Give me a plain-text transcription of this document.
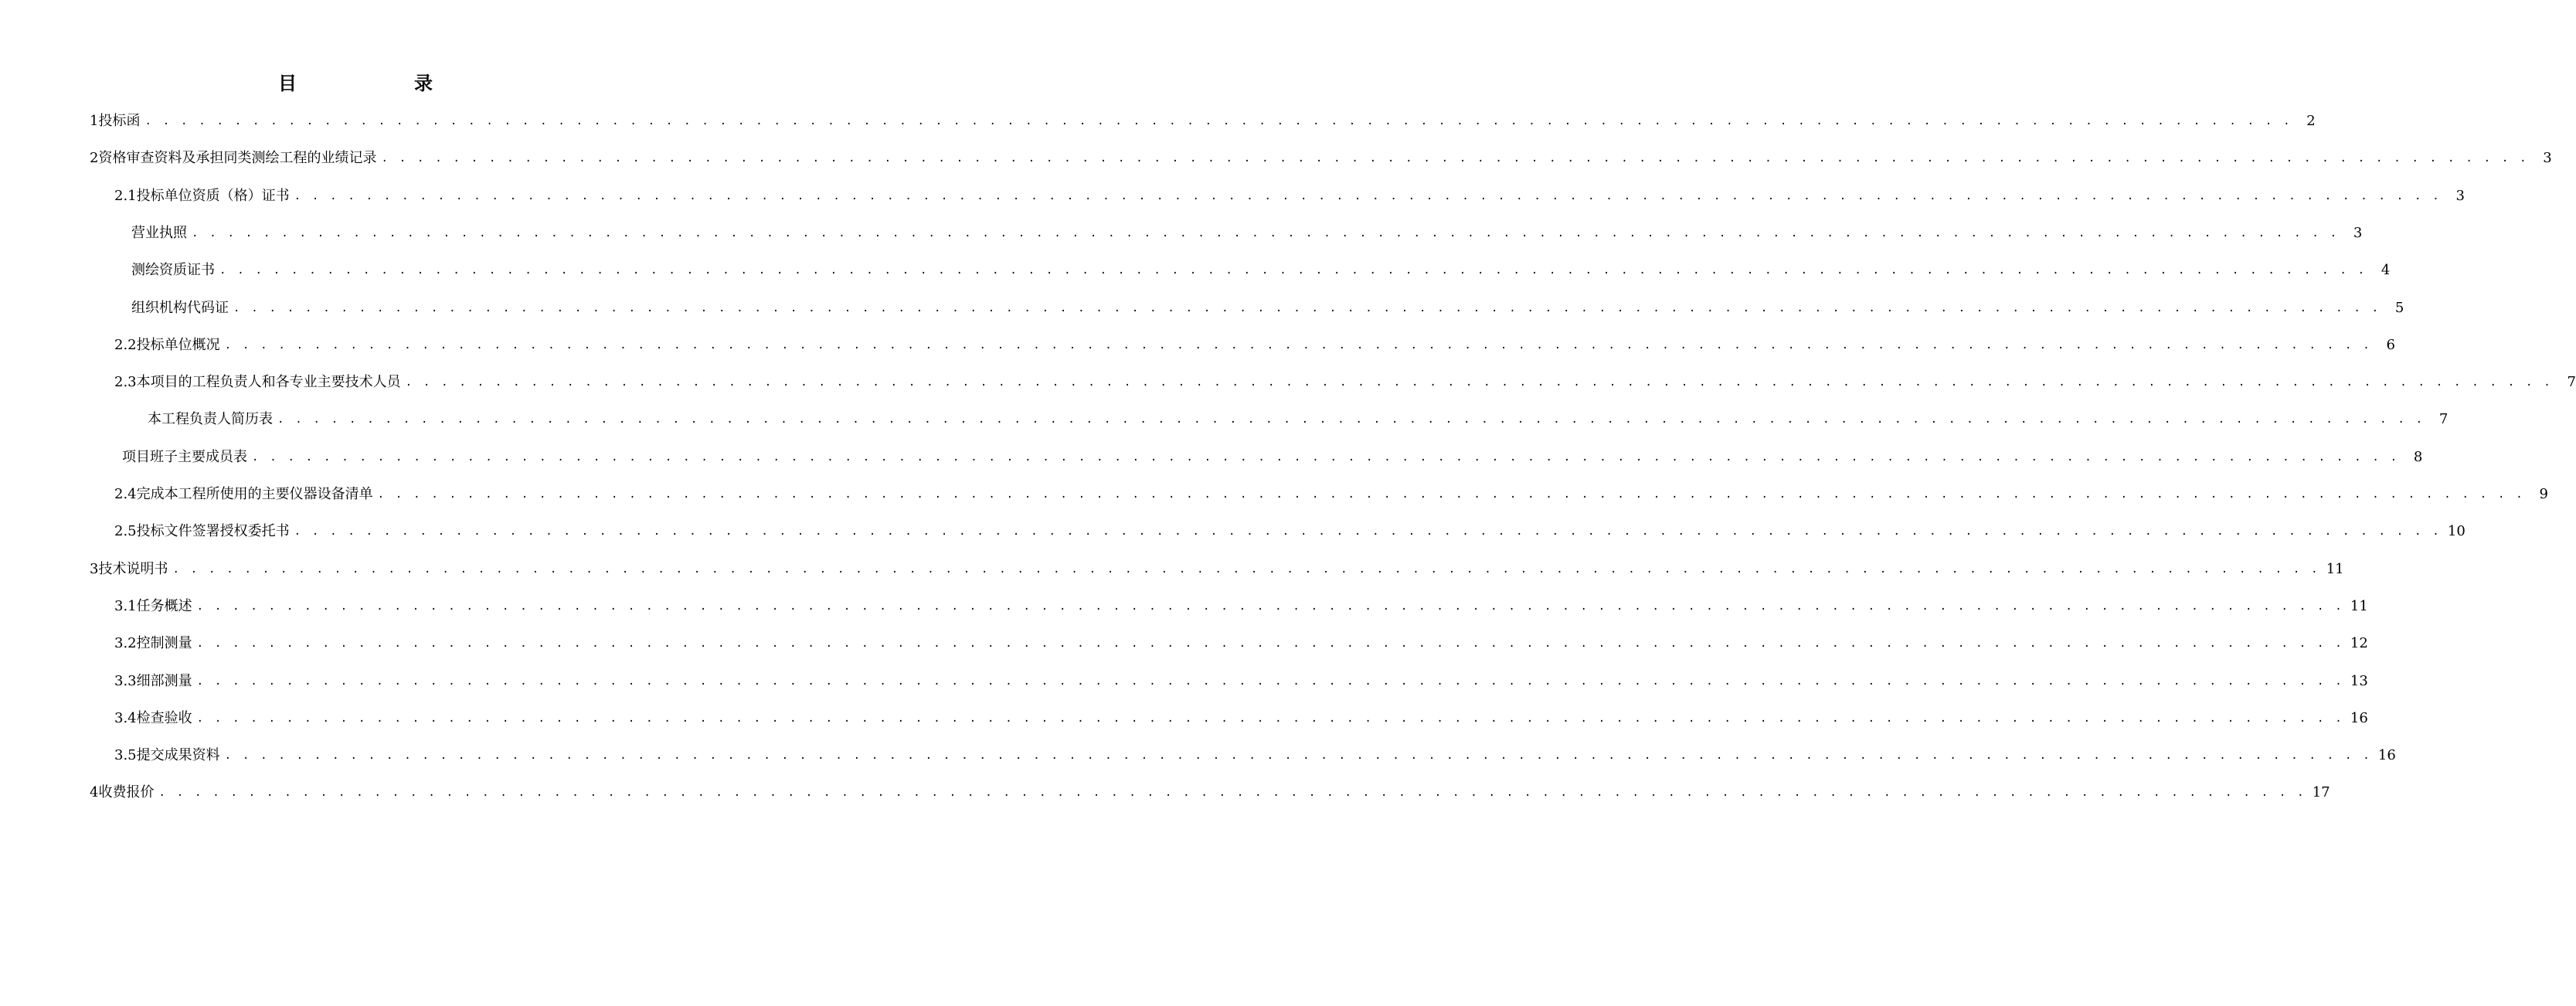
目　录
1 投标函 . . . . . . . . . . . . . . . . . . . . . . . . . . . . . . . . . . . . . . . . . . . . . . . . . . . . . . . . . . . . . . . . . . . . . . . . . . . . . . . . . . . . . . . . . . . . . . . . . . . . . . . . . . . . . . . . . . . . . . . .	2
2 资格审查资料及承担同类测绘工程的业绩记录 . . . . . . . . . . . . . . . . . . . . . . . . . . . . . . . . . . . . . . . . . . . . . . . . . . . . . . . . . . . . . . . . . . . . . . . . . . . . . . . . . . . . . . . . . . . . . . . . . . . . . . . . . . . . . . . . . . . . . . . .	3
2.1 投标单位资质（格）证书 . . . . . . . . . . . . . . . . . . . . . . . . . . . . . . . . . . . . . . . . . . . . . . . . . . . . . . . . . . . . . . . . . . . . . . . . . . . . . . . . . . . . . . . . . . . . . . . . . . . . . . . . . . . . . . . . . . . . . . . .	3
营业执照 . . . . . . . . . . . . . . . . . . . . . . . . . . . . . . . . . . . . . . . . . . . . . . . . . . . . . . . . . . . . . . . . . . . . . . . . . . . . . . . . . . . . . . . . . . . . . . . . . . . . . . . . . . . . . . . . . . . . . . . .	3
测绘资质证书 . . . . . . . . . . . . . . . . . . . . . . . . . . . . . . . . . . . . . . . . . . . . . . . . . . . . . . . . . . . . . . . . . . . . . . . . . . . . . . . . . . . . . . . . . . . . . . . . . . . . . . . . . . . . . . . . . . . . . . . .	4
组织机构代码证 . . . . . . . . . . . . . . . . . . . . . . . . . . . . . . . . . . . . . . . . . . . . . . . . . . . . . . . . . . . . . . . . . . . . . . . . . . . . . . . . . . . . . . . . . . . . . . . . . . . . . . . . . . . . . . . . . . . . . . . .	5
2.2 投标单位概况 . . . . . . . . . . . . . . . . . . . . . . . . . . . . . . . . . . . . . . . . . . . . . . . . . . . . . . . . . . . . . . . . . . . . . . . . . . . . . . . . . . . . . . . . . . . . . . . . . . . . . . . . . . . . . . . . . . . . . . . .	6
2.3 本项目的工程负责人和各专业主要技术人员 . . . . . . . . . . . . . . . . . . . . . . . . . . . . . . . . . . . . . . . . . . . . . . . . . . . . . . . . . . . . . . . . . . . . . . . . . . . . . . . . . . . . . . . . . . . . . . . . . . . . . . . . . . . . . . . . . . . . . . . .	7
本工程负责人简历表 . . . . . . . . . . . . . . . . . . . . . . . . . . . . . . . . . . . . . . . . . . . . . . . . . . . . . . . . . . . . . . . . . . . . . . . . . . . . . . . . . . . . . . . . . . . . . . . . . . . . . . . . . . . . . . . . . . . . . . . .	7
项目班子主要成员表 . . . . . . . . . . . . . . . . . . . . . . . . . . . . . . . . . . . . . . . . . . . . . . . . . . . . . . . . . . . . . . . . . . . . . . . . . . . . . . . . . . . . . . . . . . . . . . . . . . . . . . . . . . . . . . . . . . . . . . . .	8
2.4 完成本工程所使用的主要仪器设备清单 . . . . . . . . . . . . . . . . . . . . . . . . . . . . . . . . . . . . . . . . . . . . . . . . . . . . . . . . . . . . . . . . . . . . . . . . . . . . . . . . . . . . . . . . . . . . . . . . . . . . . . . . . . . . . . . . . . . . . . . .	9
2.5 投标文件签署授权委托书 . . . . . . . . . . . . . . . . . . . . . . . . . . . . . . . . . . . . . . . . . . . . . . . . . . . . . . . . . . . . . . . . . . . . . . . . . . . . . . . . . . . . . . . . . . . . . . . . . . . . . . . . . . . . . . . . . . . . . . . . 10
3 技术说明书 . . . . . . . . . . . . . . . . . . . . . . . . . . . . . . . . . . . . . . . . . . . . . . . . . . . . . . . . . . . . . . . . . . . . . . . . . . . . . . . . . . . . . . . . . . . . . . . . . . . . . . . . . . . . . . . . . . . . . . . . 11
3.1 任务概述 . . . . . . . . . . . . . . . . . . . . . . . . . . . . . . . . . . . . . . . . . . . . . . . . . . . . . . . . . . . . . . . . . . . . . . . . . . . . . . . . . . . . . . . . . . . . . . . . . . . . . . . . . . . . . . . . . . . . . . . . 11
3.2 控制测量 . . . . . . . . . . . . . . . . . . . . . . . . . . . . . . . . . . . . . . . . . . . . . . . . . . . . . . . . . . . . . . . . . . . . . . . . . . . . . . . . . . . . . . . . . . . . . . . . . . . . . . . . . . . . . . . . . . . . . . . . 12
3.3 细部测量 . . . . . . . . . . . . . . . . . . . . . . . . . . . . . . . . . . . . . . . . . . . . . . . . . . . . . . . . . . . . . . . . . . . . . . . . . . . . . . . . . . . . . . . . . . . . . . . . . . . . . . . . . . . . . . . . . . . . . . . . 13
3.4 检查验收 . . . . . . . . . . . . . . . . . . . . . . . . . . . . . . . . . . . . . . . . . . . . . . . . . . . . . . . . . . . . . . . . . . . . . . . . . . . . . . . . . . . . . . . . . . . . . . . . . . . . . . . . . . . . . . . . . . . . . . . . 16
3.5 提交成果资料 . . . . . . . . . . . . . . . . . . . . . . . . . . . . . . . . . . . . . . . . . . . . . . . . . . . . . . . . . . . . . . . . . . . . . . . . . . . . . . . . . . . . . . . . . . . . . . . . . . . . . . . . . . . . . . . . . . . . . . . . 16
4 收费报价 . . . . . . . . . . . . . . . . . . . . . . . . . . . . . . . . . . . . . . . . . . . . . . . . . . . . . . . . . . . . . . . . . . . . . . . . . . . . . . . . . . . . . . . . . . . . . . . . . . . . . . . . . . . . . . . . . . . . . . . . 17
